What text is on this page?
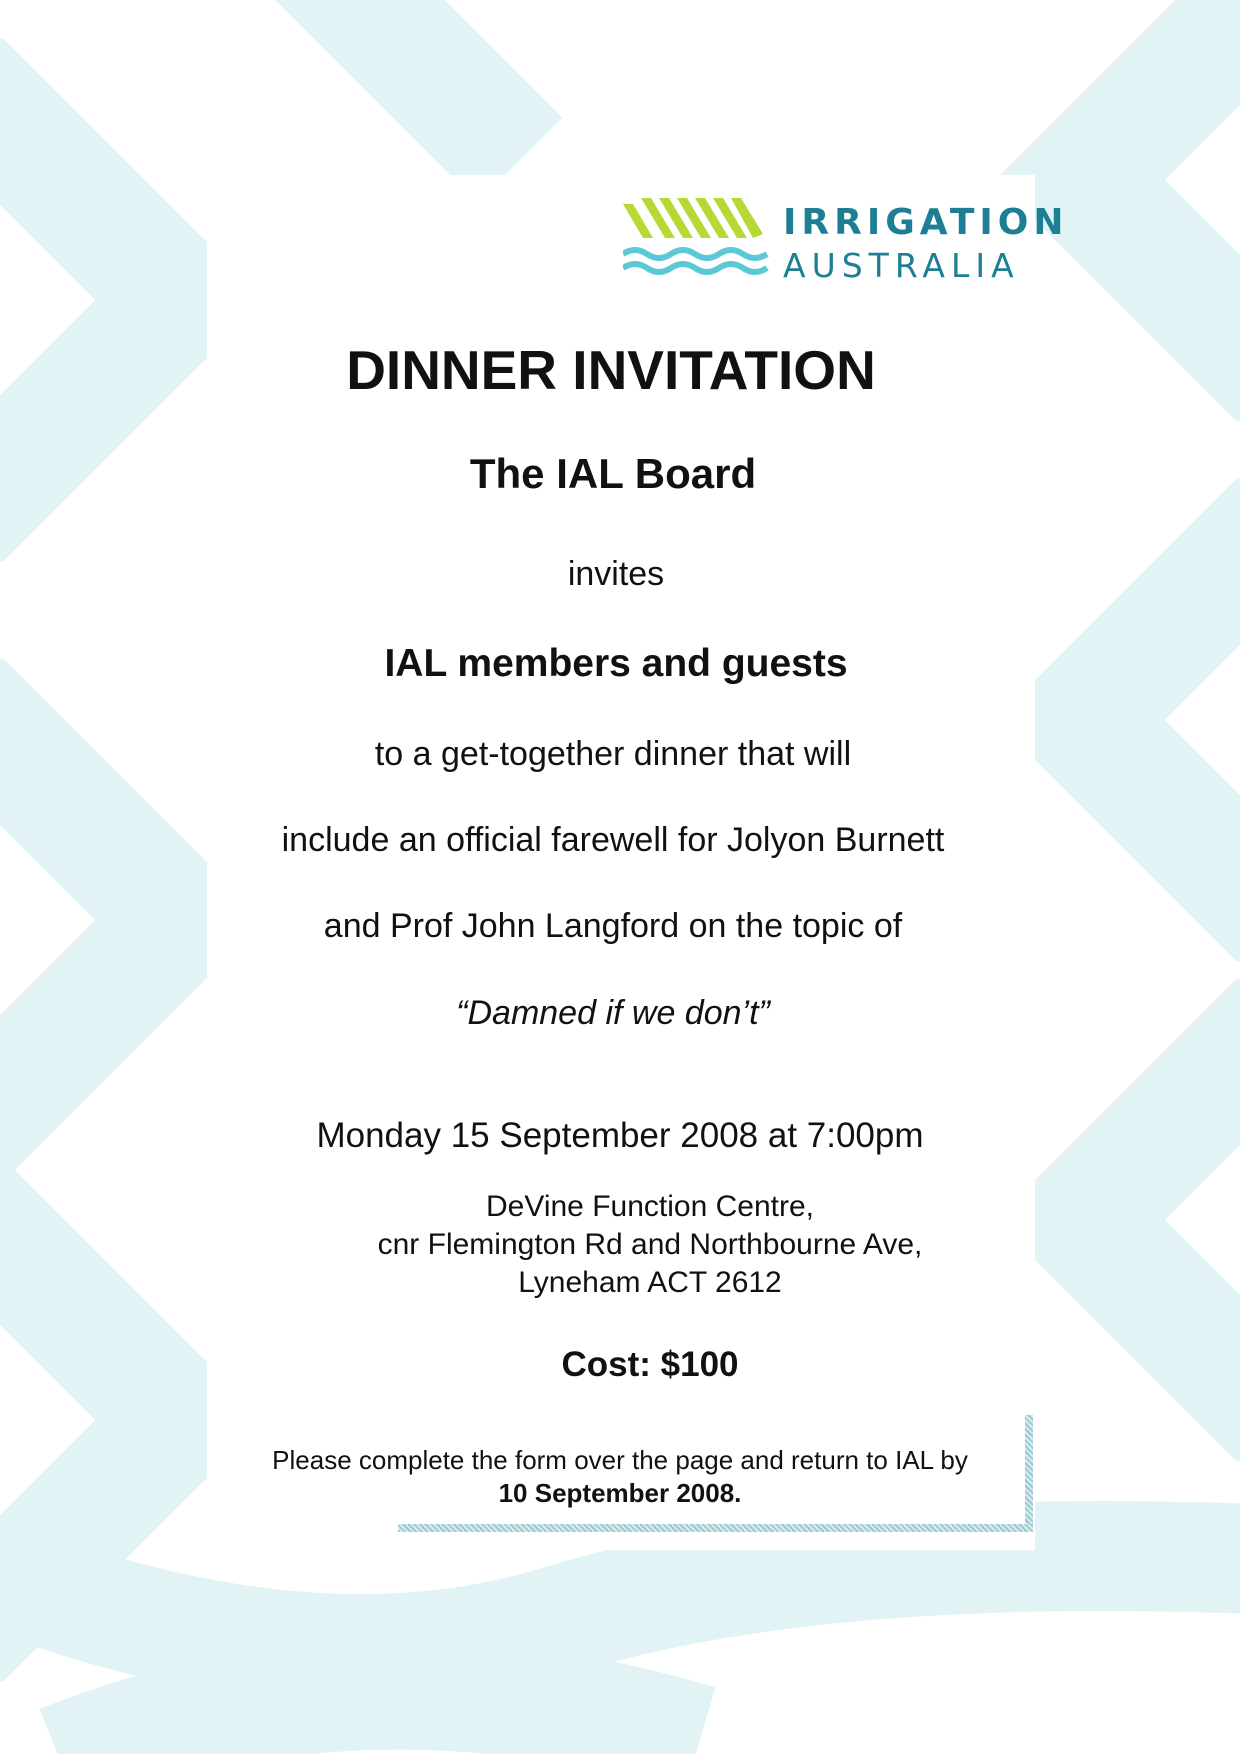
IRRIGATION
AUSTRALIA
DINNER INVITATION
The IAL Board
invites
IAL members and guests
to a get-together dinner that will
include an official farewell for Jolyon Burnett
and Prof John Langford on the topic of
“Damned if we don’t”
Monday 15 September 2008 at 7:00pm
DeVine Function Centre,
cnr Flemington Rd and Northbourne Ave,
Lyneham ACT 2612
Cost: $100
Please complete the form over the page and return to IAL by
10 September 2008.
